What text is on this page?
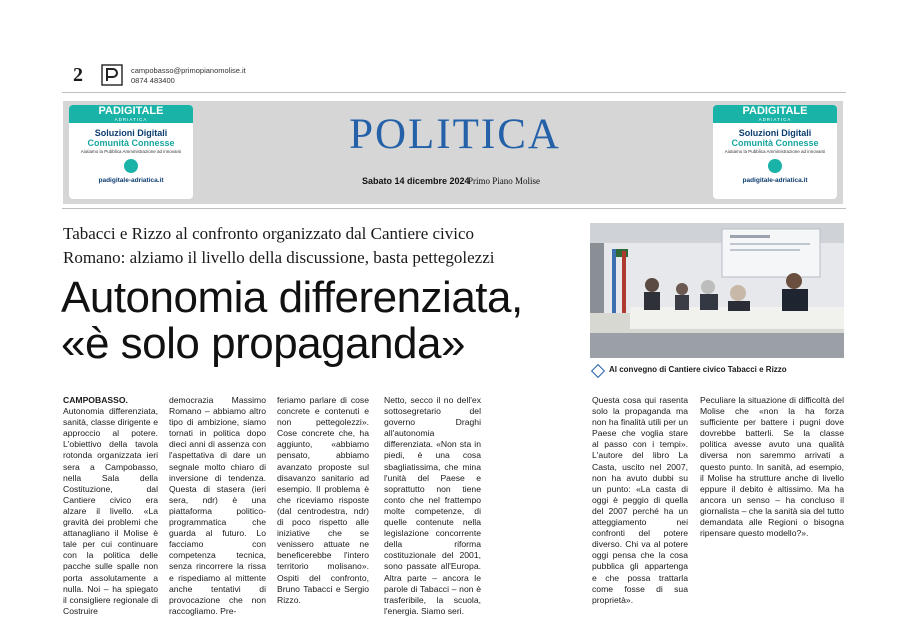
2	campobasso@primopianomolise.it
0874 483400
PADIGITALE
ADRIATICA
Soluzioni Digitali
Comunità Connesse
Aiutiamo la Pubblica Amministrazione ad innovarsi
padigitale-adriatica.it
POLITICA
Sabato 14 dicembre 2024
Primo Piano Molise
PADIGITALE
ADRIATICA
Soluzioni Digitali
Comunità Connesse
Aiutiamo la Pubblica Amministrazione ad innovarsi
padigitale-adriatica.it
Tabacci e Rizzo al confronto organizzato dal Cantiere civico
Romano: alziamo il livello della discussione, basta pettegolezzi
Autonomia differenziata,
«è solo propaganda»
Al convegno di Cantiere civico Tabacci e Rizzo

CAMPOBASSO. Autonomia differenziata, sanità, classe dirigente e approccio al potere. L'obiettivo della tavola rotonda organizzata ieri sera a Campobasso, nella Sala della Costituzione, dal Cantiere civico era alzare il livello. «La gravità dei problemi che attanagliano il Molise è tale per cui continuare con la politica delle pacche sulle spalle non porta assolutamente a nulla. Noi – ha spiegato il consigliere regionale di Costruire

democrazia Massimo Romano – abbiamo altro tipo di ambizione, siamo tornati in politica dopo dieci anni di assenza con l'aspettativa di dare un segnale molto chiaro di inversione di tendenza. Questa di stasera (ieri sera, ndr) è una piattaforma politico-programmatica che guarda al futuro. Lo facciamo con competenza tecnica, senza rincorrere la rissa e rispediamo al mittente anche tentativi di provocazione che non raccogliamo. Pre-

feriamo parlare di cose concrete e contenuti e non pettegolezzi». Cose concrete che, ha aggiunto, «abbiamo pensato, abbiamo avanzato proposte sul disavanzo sanitario ad esempio. Il problema è che riceviamo risposte (dal centrodestra, ndr) di poco rispetto alle iniziative che se venissero attuate ne beneficerebbe l'intero territorio molisano». Ospiti del confronto, Bruno Tabacci e Sergio Rizzo.

Netto, secco il no dell'ex sottosegretario del governo Draghi all'autonomia differenziata. «Non sta in piedi, è una cosa sbagliatissima, che mina l'unità del Paese e soprattutto non tiene conto che nel frattempo molte competenze, di quelle contenute nella legislazione concorrente della riforma costituzionale del 2001, sono passate all'Europa. Altra parte – ancora le parole di Tabacci – non è trasferibile, la scuola, l'energia. Siamo seri.

Questa cosa qui rasenta solo la propaganda ma non ha finalità utili per un Paese che voglia stare al passo con i tempi». L'autore del libro La Casta, uscito nel 2007, non ha avuto dubbi su un punto: «La casta di oggi è peggio di quella del 2007 perché ha un atteggiamento nei confronti del potere diverso. Chi va al potere oggi pensa che la cosa pubblica gli appartenga e che possa trattarla come fosse di sua proprietà».

Peculiare la situazione di difficoltà del Molise che «non la ha forza sufficiente per battere i pugni dove dovrebbe batterli. Se la classe politica avesse avuto una qualità diversa non saremmo arrivati a questo punto. In sanità, ad esempio, il Molise ha strutture anche di livello eppure il debito è altissimo. Ma ha ancora un senso – ha concluso il giornalista – che la sanità sia del tutto demandata alle Regioni o bisogna ripensare questo modello?».
